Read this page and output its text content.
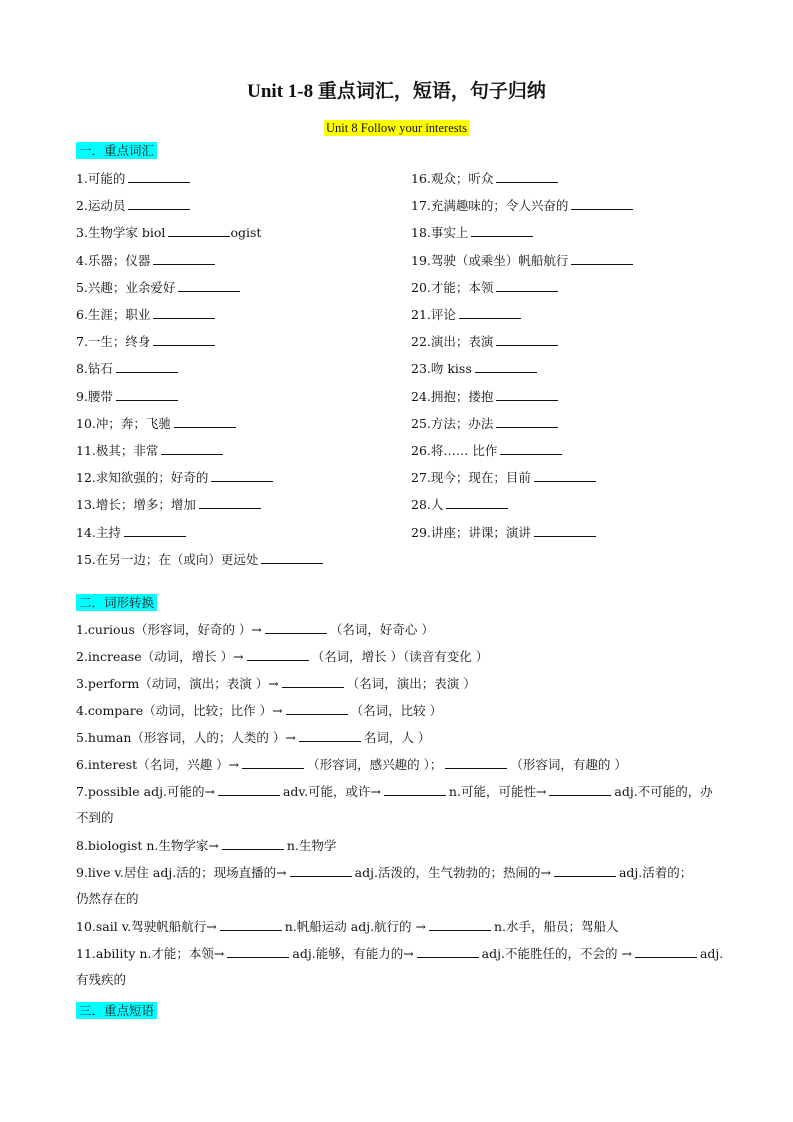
Unit 1-8 重点词汇，短语，句子归纳
Unit 8 Follow your interests
一．重点词汇
1.可能的
2.运动员
3.生物学家 biol	ogist
4.乐器；仪器
5.兴趣；业余爱好
6.生涯；职业
7.一生；终身
8.钻石
9.腰带
10.冲；奔；飞驰
11.极其；非常
12.求知欲强的；好奇的
13.增长；增多；增加
14.主持
15.在另一边；在（或向）更远处
16.观众；听众
17.充满趣味的；令人兴奋的
18.事实上
19.驾驶（或乘坐）帆船航行
20.才能；本领
21.评论
22.演出；表演
23.吻 kiss
24.拥抱；搂抱
25.方法；办法
26.将…… 比作
27.现今；现在；目前
28.人
29.讲座；讲课；演讲
二．词形转换
1.curious（形容词，好奇的 ）→	（名词，好奇心 ）
2.increase（动词，增长 ）→	（名词，增长 ）（读音有变化 ）
3.perform（动词，演出；表演 ）→	（名词，演出；表演 ）
4.compare（动词，比较；比作 ）→	（名词，比较 ）
5.human（形容词，人的；人类的 ）→	名词，人 ）
6.interest（名词，兴趣 ）→	（形容词，感兴趣的 ）；	（形容词，有趣的 ）
7.possible adj.可能的→	adv.可能，或许→	n.可能，可能性→	adj.不可能的，办
不到的
8.biologist n.生物学家→	n.生物学
9.live v.居住 adj.活的；现场直播的→	adj.活泼的，生气勃勃的；热闹的→	adj.活着的；
仍然存在的
10.sail v.驾驶帆船航行→	n.帆船运动 adj.航行的 →	n.水手，船员；驾船人
11.ability n.才能；本领→	adj.能够，有能力的→	adj.不能胜任的，不会的 →	adj.
有残疾的
三．重点短语
